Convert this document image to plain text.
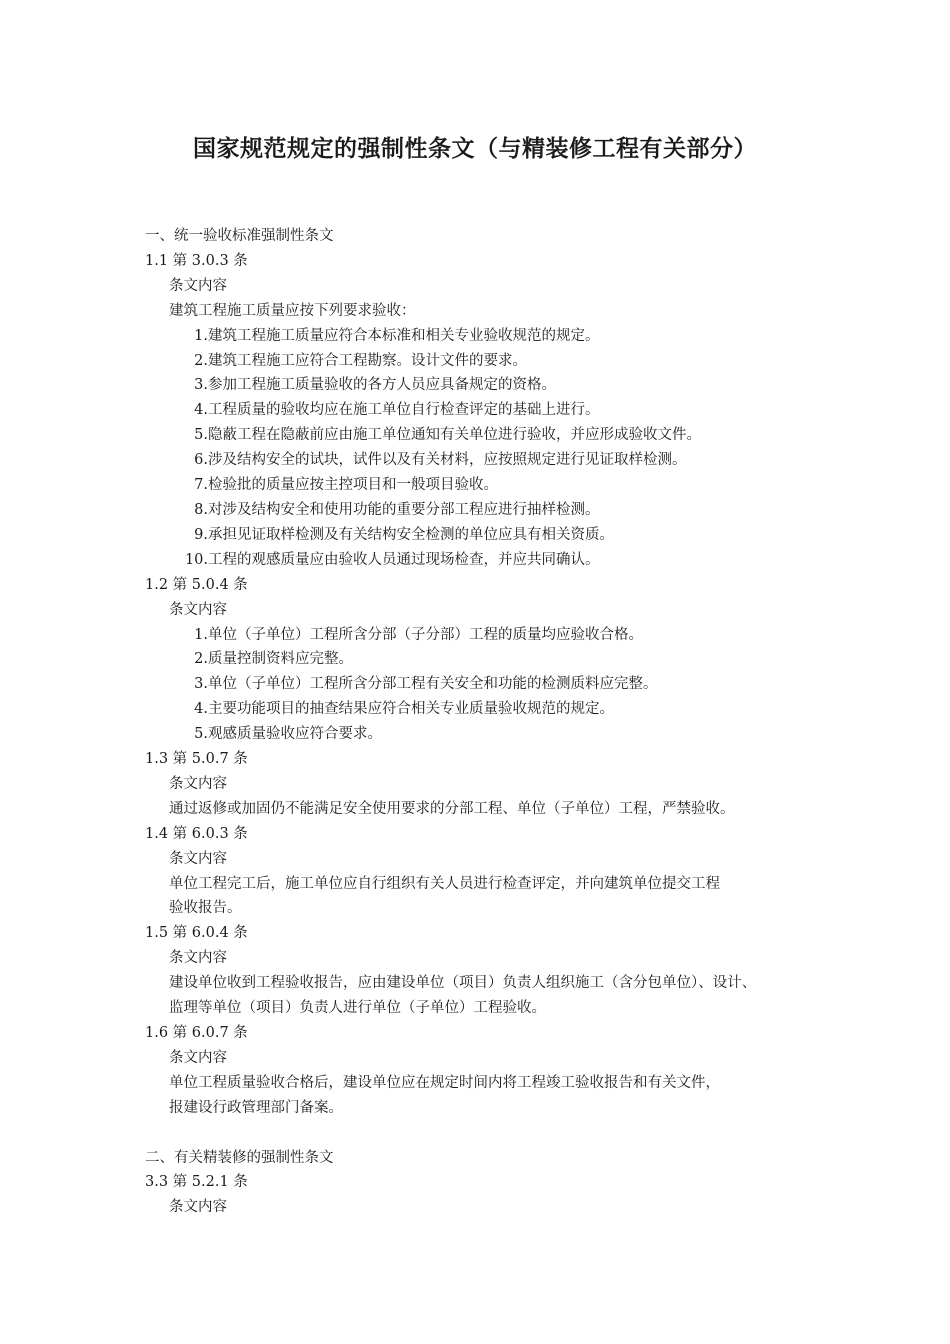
国家规范规定的强制性条文（与精装修工程有关部分）
一、统一验收标准强制性条文
1.1 第 3.0.3 条
条文内容
建筑工程施工质量应按下列要求验收：
1. 建筑工程施工质量应符合本标准和相关专业验收规范的规定。
2. 建筑工程施工应符合工程勘察。设计文件的要求。
3. 参加工程施工质量验收的各方人员应具备规定的资格。
4. 工程质量的验收均应在施工单位自行检查评定的基础上进行。
5. 隐蔽工程在隐蔽前应由施工单位通知有关单位进行验收，并应形成验收文件。
6. 涉及结构安全的试块，试件以及有关材料，应按照规定进行见证取样检测。
7. 检验批的质量应按主控项目和一般项目验收。
8. 对涉及结构安全和使用功能的重要分部工程应进行抽样检测。
9. 承担见证取样检测及有关结构安全检测的单位应具有相关资质。
10. 工程的观感质量应由验收人员通过现场检查，并应共同确认。
1.2 第 5.0.4 条
条文内容
1. 单位（子单位）工程所含分部（子分部）工程的质量均应验收合格。
2. 质量控制资料应完整。
3. 单位（子单位）工程所含分部工程有关安全和功能的检测质料应完整。
4. 主要功能项目的抽查结果应符合相关专业质量验收规范的规定。
5. 观感质量验收应符合要求。
1.3 第 5.0.7 条
条文内容
通过返修或加固仍不能满足安全使用要求的分部工程、单位（子单位）工程，严禁验收。
1.4 第 6.0.3 条
条文内容
单位工程完工后，施工单位应自行组织有关人员进行检查评定，并向建筑单位提交工程
验收报告。
1.5 第 6.0.4 条
条文内容
建设单位收到工程验收报告，应由建设单位（项目）负责人组织施工（含分包单位）、设计、
监理等单位（项目）负责人进行单位（子单位）工程验收。
1.6 第 6.0.7 条
条文内容
单位工程质量验收合格后，建设单位应在规定时间内将工程竣工验收报告和有关文件，
报建设行政管理部门备案。
二、有关精装修的强制性条文
3.3 第 5.2.1 条
条文内容
